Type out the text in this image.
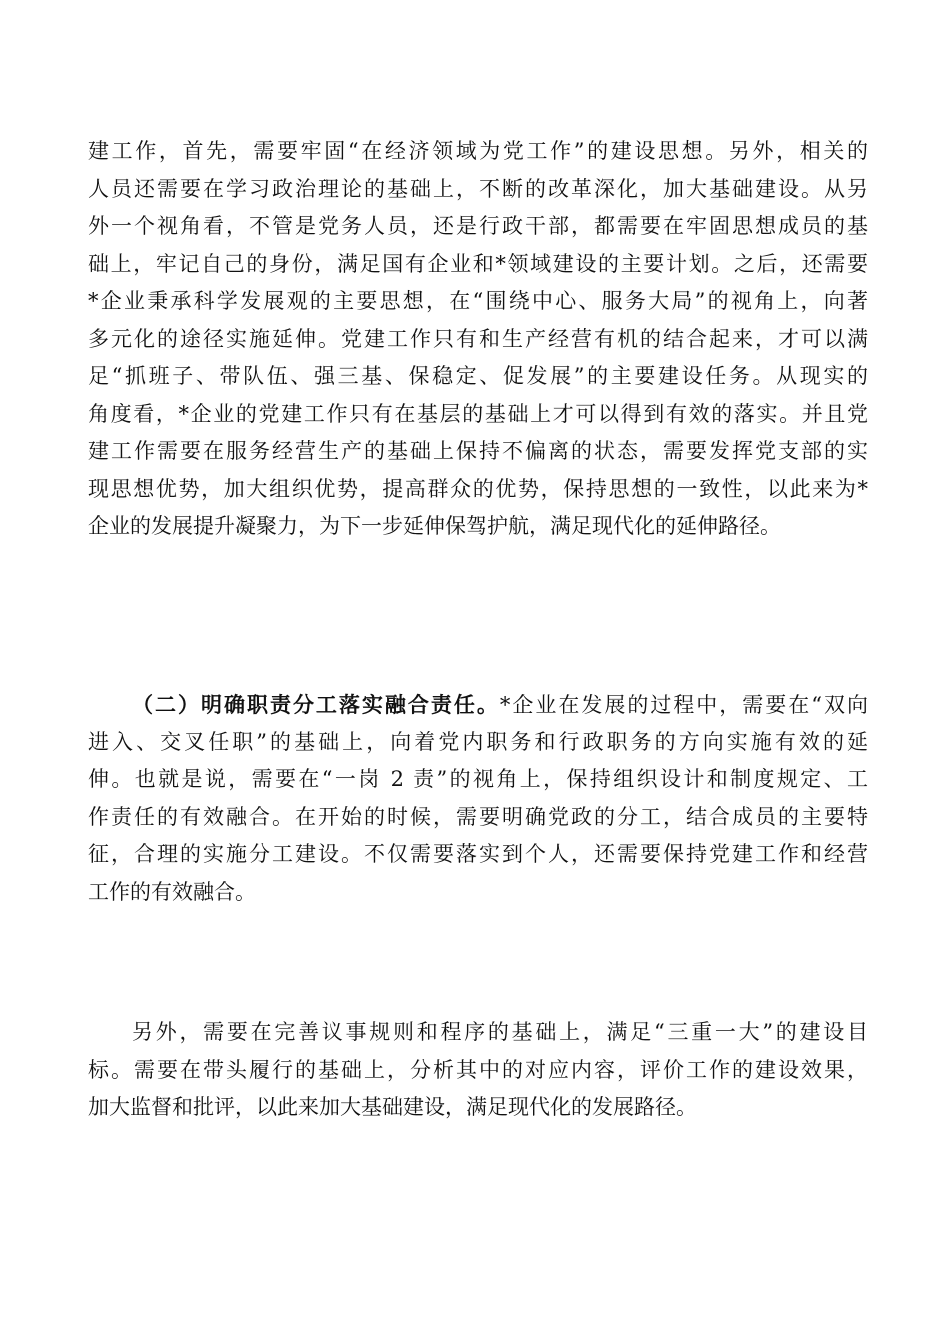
建工作，首先，需要牢固“在经济领域为党工作”的建设思想。另外，相关的
人员还需要在学习政治理论的基础上，不断的改革深化，加大基础建设。从另
外一个视角看，不管是党务人员，还是行政干部，都需要在牢固思想成员的基
础上，牢记自己的身份，满足国有企业和*领域建设的主要计划。之后，还需要
*企业秉承科学发展观的主要思想，在“围绕中心、服务大局”的视角上，向著
多元化的途径实施延伸。党建工作只有和生产经营有机的结合起来，才可以满
足“抓班子、带队伍、强三基、保稳定、促发展”的主要建设任务。从现实的
角度看，*企业的党建工作只有在基层的基础上才可以得到有效的落实。并且党
建工作需要在服务经营生产的基础上保持不偏离的状态，需要发挥党支部的实
现思想优势，加大组织优势，提高群众的优势，保持思想的一致性，以此来为*
企业的发展提升凝聚力，为下一步延伸保驾护航，满足现代化的延伸路径。
（二）明确职责分工落实融合责任。*企业在发展的过程中，需要在“双向
进入、交叉任职”的基础上，向着党内职务和行政职务的方向实施有效的延
伸。也就是说，需要在“一岗 2 责”的视角上，保持组织设计和制度规定、工
作责任的有效融合。在开始的时候，需要明确党政的分工，结合成员的主要特
征，合理的实施分工建设。不仅需要落实到个人，还需要保持党建工作和经营
工作的有效融合。
另外，需要在完善议事规则和程序的基础上，满足“三重一大”的建设目
标。需要在带头履行的基础上，分析其中的对应内容，评价工作的建设效果，
加大监督和批评，以此来加大基础建设，满足现代化的发展路径。
